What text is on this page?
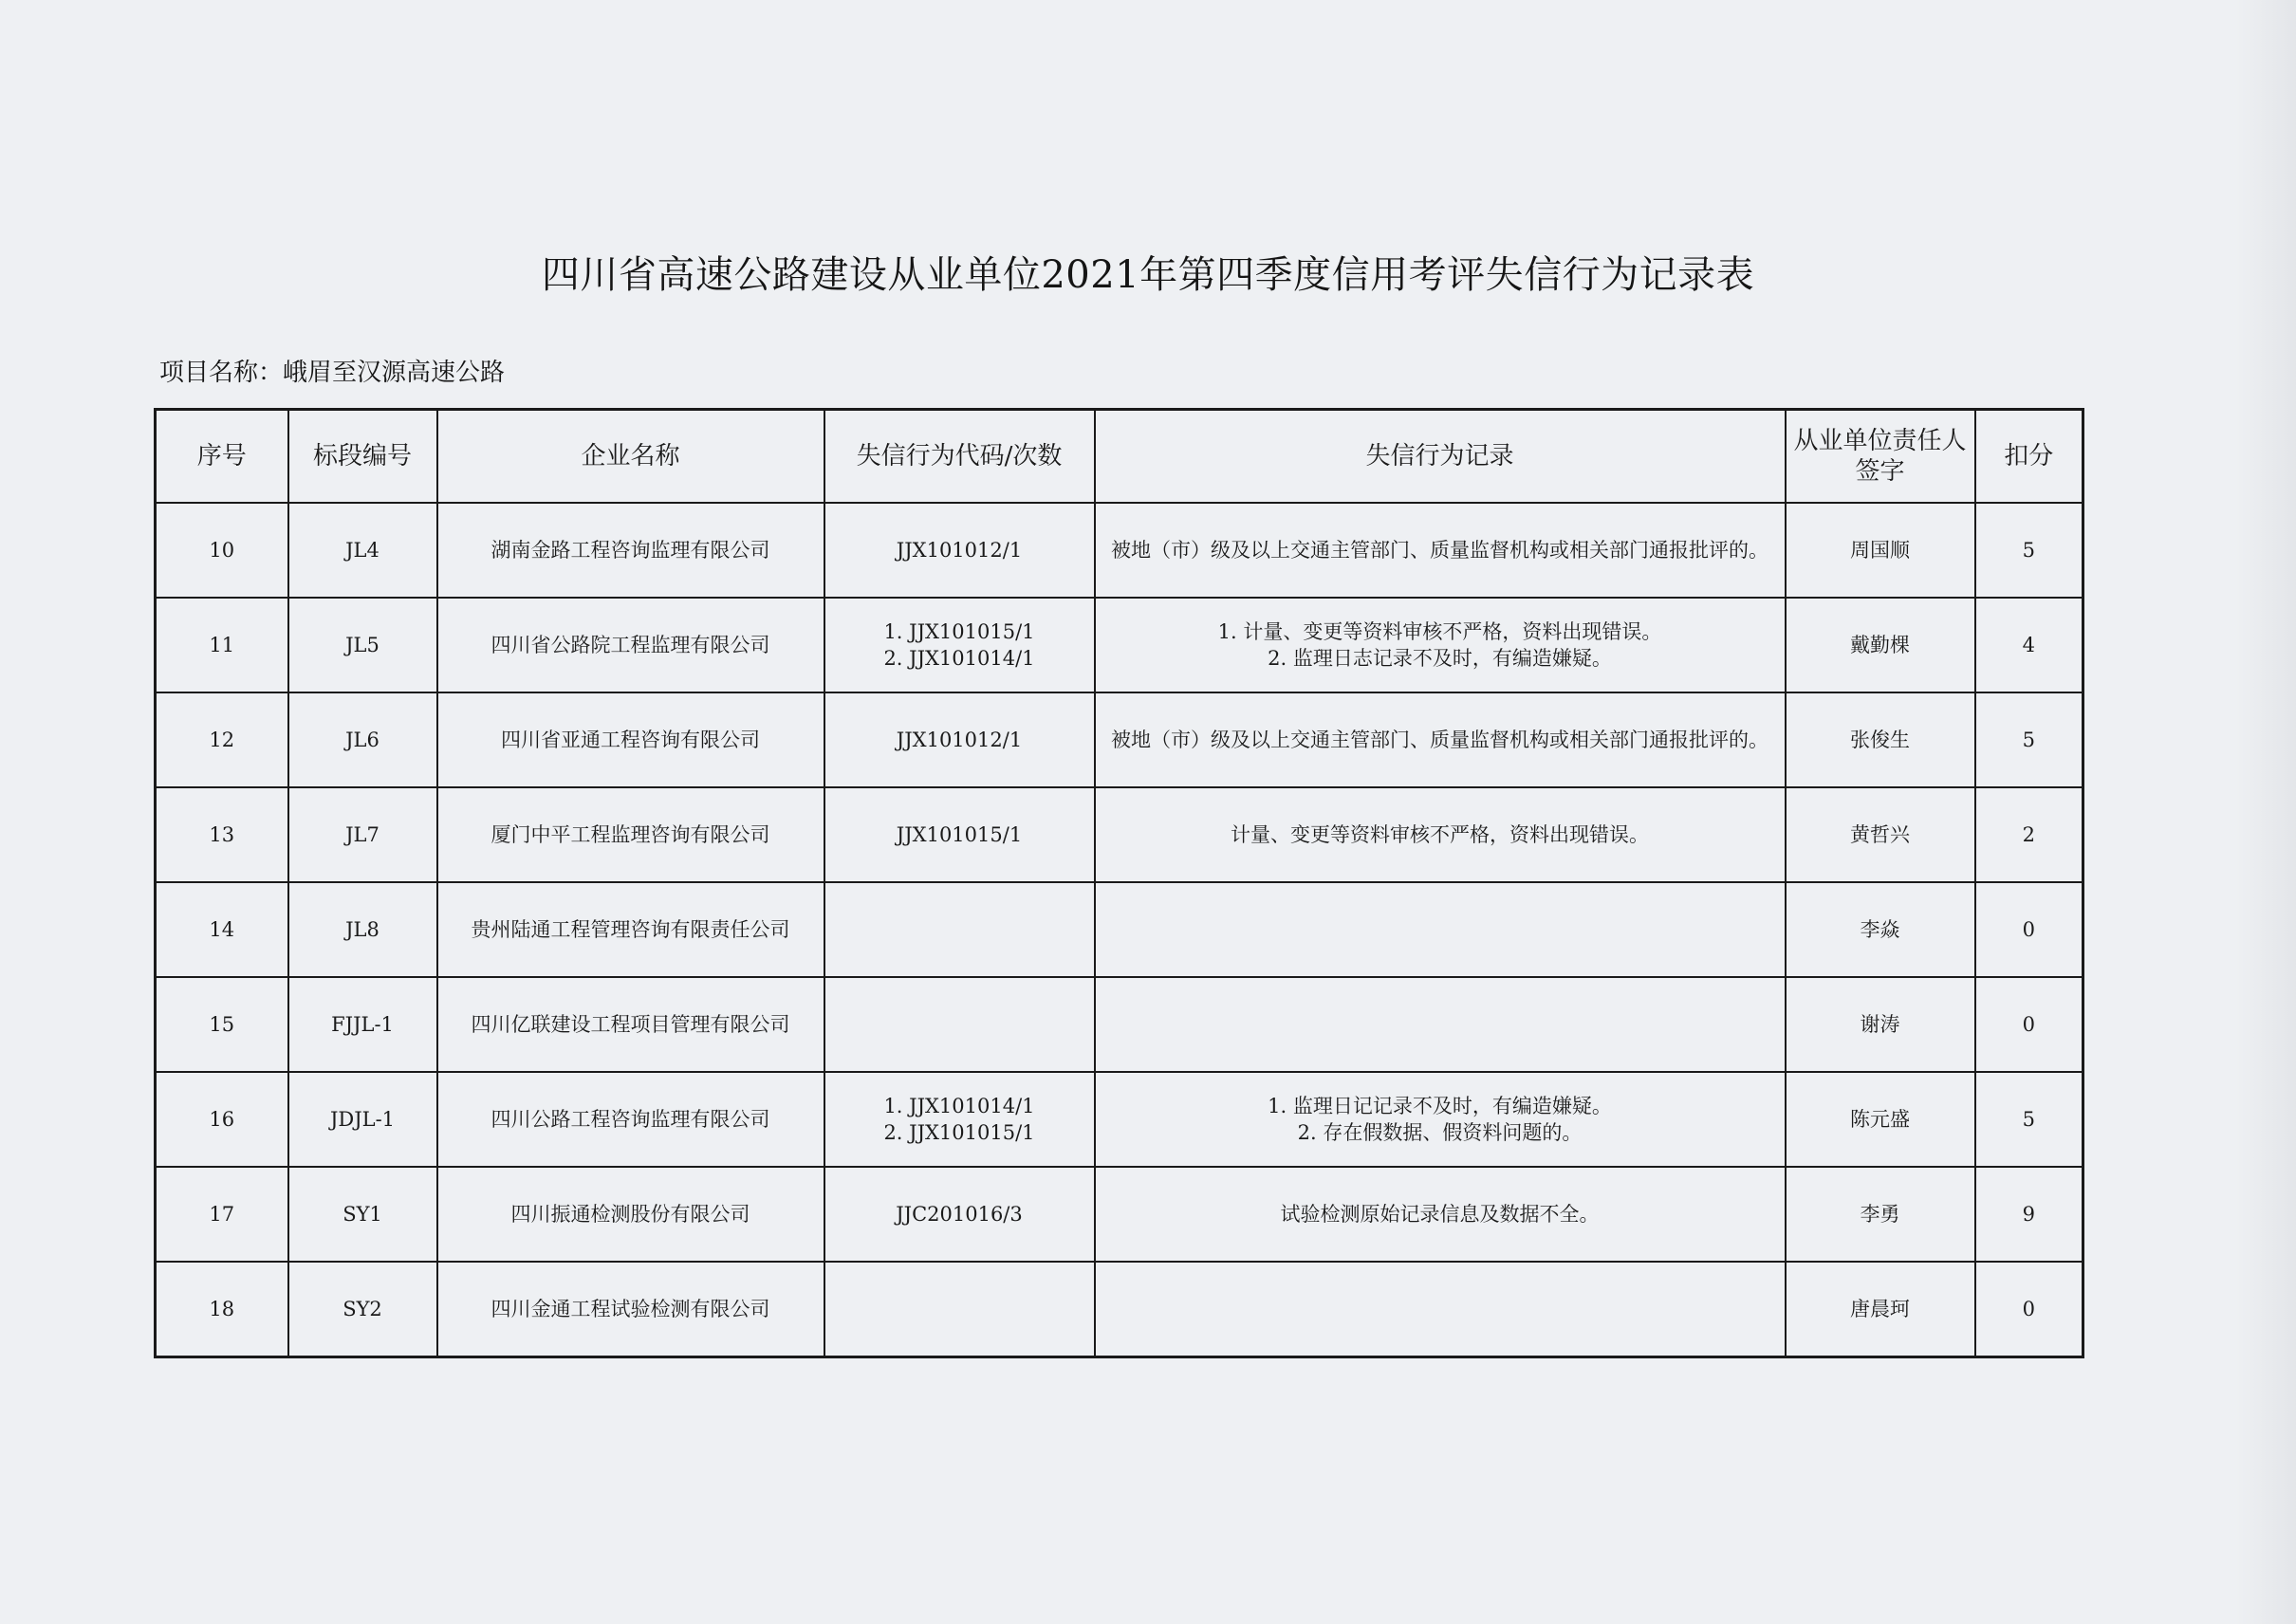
四川省高速公路建设从业单位2021年第四季度信用考评失信行为记录表
项目名称：峨眉至汉源高速公路
序号	标段编号	企业名称	失信行为代码/次数	失信行为记录	从业单位责任人签字	扣分
10	JL4	湖南金路工程咨询监理有限公司	JJX101012/1	被地（市）级及以上交通主管部门、质量监督机构或相关部门通报批评的。	周国顺	5
11	JL5	四川省公路院工程监理有限公司	1. JJX101015/1
2. JJX101014/1	1. 计量、变更等资料审核不严格，资料出现错误。
2. 监理日志记录不及时，有编造嫌疑。	戴勤棵	4
12	JL6	四川省亚通工程咨询有限公司	JJX101012/1	被地（市）级及以上交通主管部门、质量监督机构或相关部门通报批评的。	张俊生	5
13	JL7	厦门中平工程监理咨询有限公司	JJX101015/1	计量、变更等资料审核不严格，资料出现错误。	黄哲兴	2
14	JL8	贵州陆通工程管理咨询有限责任公司			李焱	0
15	FJJL-1	四川亿联建设工程项目管理有限公司			谢涛	0
16	JDJL-1	四川公路工程咨询监理有限公司	1. JJX101014/1
2. JJX101015/1	1. 监理日记记录不及时，有编造嫌疑。
2. 存在假数据、假资料问题的。	陈元盛	5
17	SY1	四川振通检测股份有限公司	JJC201016/3	试验检测原始记录信息及数据不全。	李勇	9
18	SY2	四川金通工程试验检测有限公司			唐晨珂	0
